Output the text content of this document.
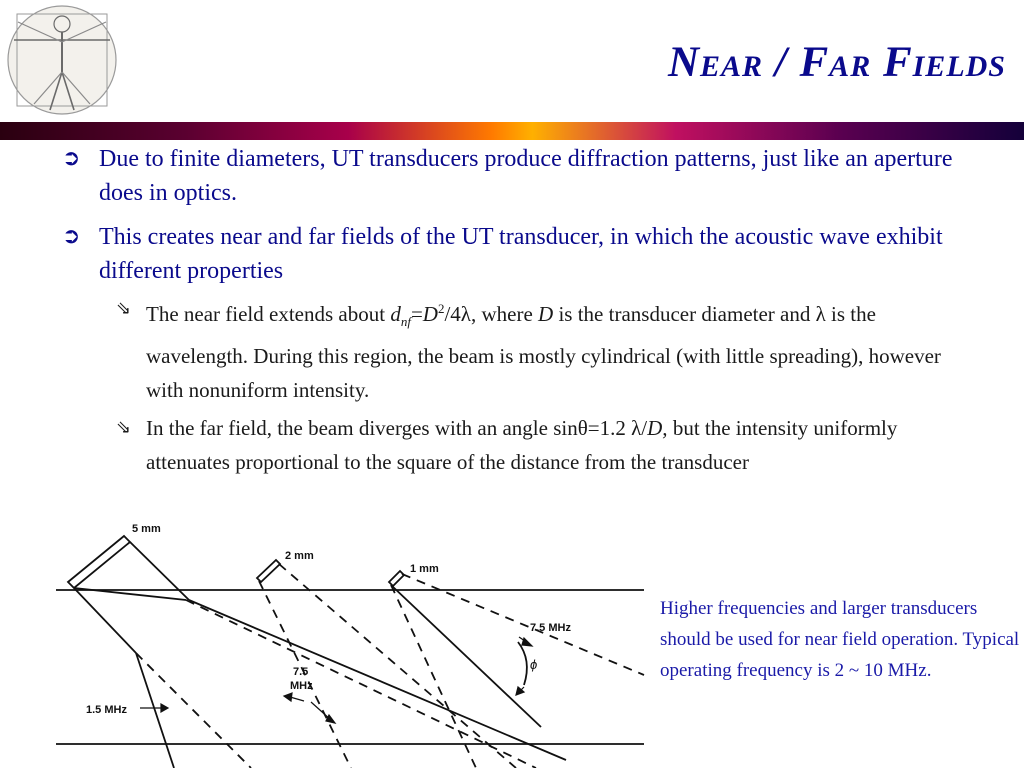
Near / Far Fields
➲ Due to finite diameters, UT transducers produce diffraction patterns, just like an aperture does in optics.
➲ This creates near and far fields of the UT transducer, in which the acoustic wave exhibit different properties
⇘ The near field extends about $d_{nf}=D^2/4\lambda$, where D is the transducer diameter and λ is the wavelength. During this region, the beam is mostly cylindrical (with little spreading), however with nonuniform intensity.
⇘ In the far field, the beam diverges with an angle sinθ=1.2 λ/D, but the intensity uniformly attenuates proportional to the square of the distance from the transducer
5 mm
2 mm
1 mm
1.5 MHz
7.5
MHz
7.5 MHz
ϕ
Higher frequencies and larger transducers should be used for near field operation. Typical operating frequency is 2 ~ 10 MHz.
